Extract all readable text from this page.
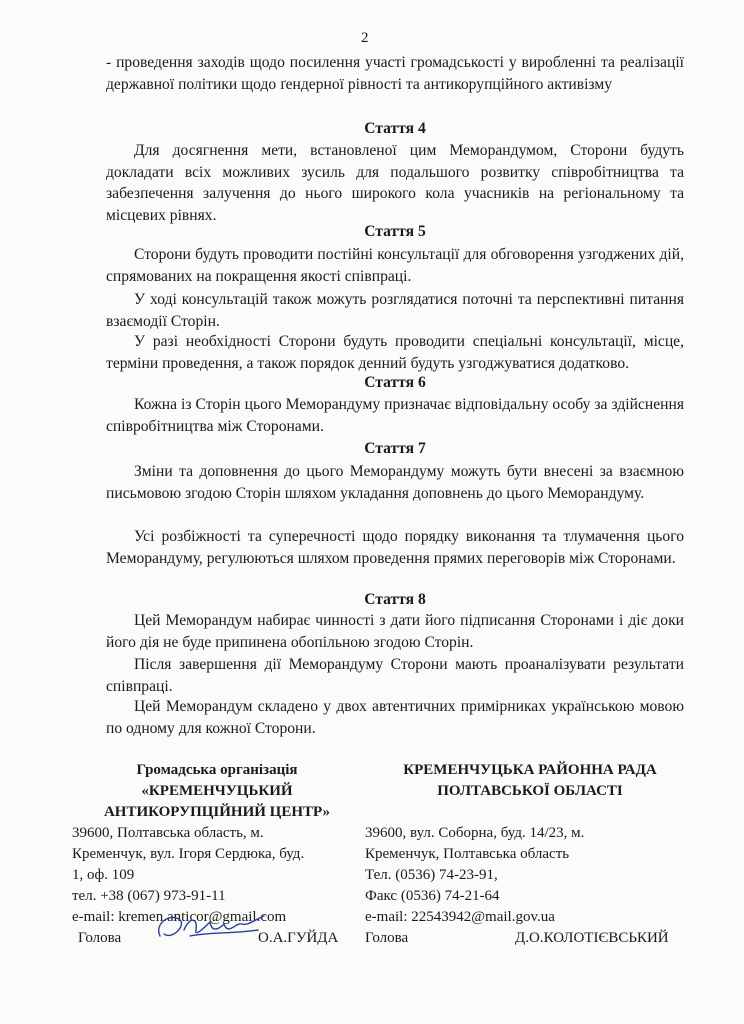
2
- проведення заходів щодо посилення участі громадськості у виробленні та реалізації державної політики щодо ґендерної рівності та антикорупційного активізму
Стаття 4
Для досягнення мети, встановленої цим Меморандумом, Сторони будуть докладати всіх можливих зусиль для подальшого розвитку співробітництва та забезпечення залучення до нього широкого кола учасників на регіональному та місцевих рівнях.
Стаття 5
Сторони будуть проводити постійні консультації для обговорення узгоджених дій, спрямованих на покращення якості співпраці.
У ході консультацій також можуть розглядатися поточні та перспективні питання взаємодії Сторін.
У разі необхідності Сторони будуть проводити спеціальні консультації, місце, терміни проведення, а також порядок денний будуть узгоджуватися додатково.
Стаття 6
Кожна із Сторін цього Меморандуму призначає відповідальну особу за здійснення співробітництва між Сторонами.
Стаття 7
Зміни та доповнення до цього Меморандуму можуть бути внесені за взаємною письмовою згодою Сторін шляхом укладання доповнень до цього Меморандуму.
Усі розбіжності та суперечності щодо порядку виконання та тлумачення цього Меморандуму, регулюються шляхом проведення прямих переговорів між Сторонами.
Стаття 8
Цей Меморандум набирає чинності з дати його підписання Сторонами і діє доки його дія не буде припинена обопільною згодою Сторін.
Після завершення дії Меморандуму Сторони мають проаналізувати результати співпраці.
Цей Меморандум складено у двох автентичних примірниках українською мовою по одному для кожної Сторони.
Громадська організація
«КРЕМЕНЧУЦЬКИЙ
АНТИКОРУПЦІЙНИЙ ЦЕНТР»
39600, Полтавська область, м.
Кременчук, вул. Ігоря Сердюка, буд.
1, оф. 109
тел. +38 (067) 973-91-11
e-mail: kremen.anticor@gmail.com
Голова	О.А.ГУЙДА
КРЕМЕНЧУЦЬКА РАЙОННА РАДА
ПОЛТАВСЬКОЇ ОБЛАСТІ
39600, вул. Соборна, буд. 14/23, м.
Кременчук, Полтавська область
Тел. (0536) 74-23-91,
Факс (0536) 74-21-64
e-mail: 22543942@mail.gov.ua
Голова	Д.О.КОЛОТІЄВСЬКИЙ
